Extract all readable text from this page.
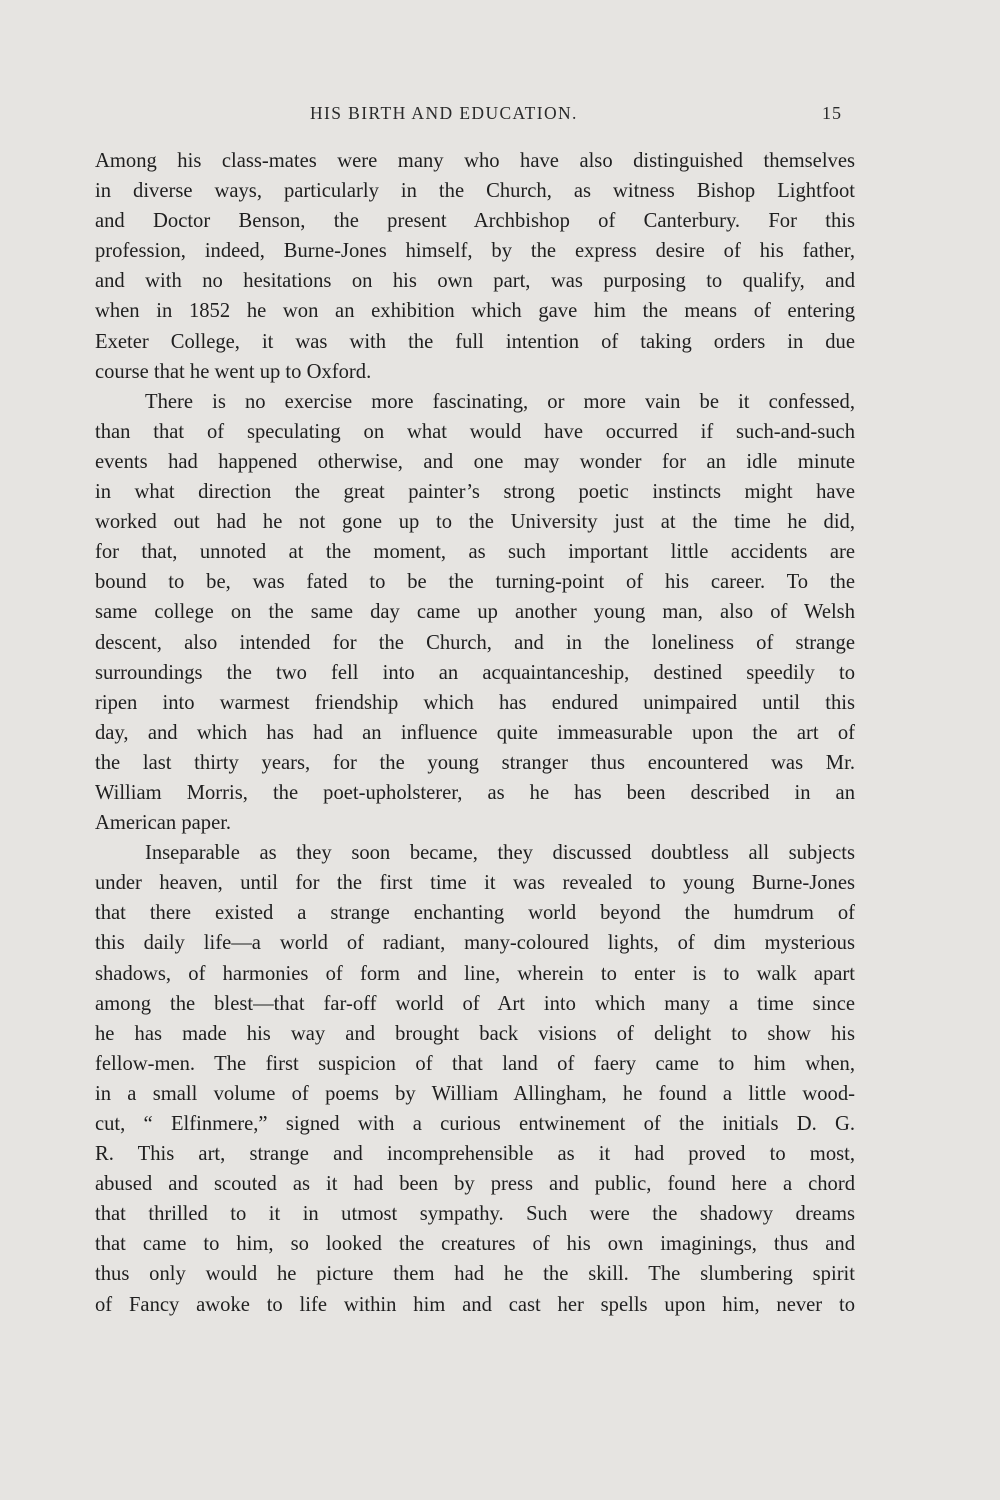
HIS BIRTH AND EDUCATION.	15
Among his class-mates were many who have also distinguished themselves
in diverse ways, particularly in the Church, as witness Bishop Lightfoot
and Doctor Benson, the present Archbishop of Canterbury. For this
profession, indeed, Burne-Jones himself, by the express desire of his father,
and with no hesitations on his own part, was purposing to qualify, and
when in 1852 he won an exhibition which gave him the means of entering
Exeter College, it was with the full intention of taking orders in due
course that he went up to Oxford.
There is no exercise more fascinating, or more vain be it confessed,
than that of speculating on what would have occurred if such-and-such
events had happened otherwise, and one may wonder for an idle minute
in what direction the great painter’s strong poetic instincts might have
worked out had he not gone up to the University just at the time he did,
for that, unnoted at the moment, as such important little accidents are
bound to be, was fated to be the turning-point of his career. To the
same college on the same day came up another young man, also of Welsh
descent, also intended for the Church, and in the loneliness of strange
surroundings the two fell into an acquaintanceship, destined speedily to
ripen into warmest friendship which has endured unimpaired until this
day, and which has had an influence quite immeasurable upon the art of
the last thirty years, for the young stranger thus encountered was Mr.
William Morris, the poet-upholsterer, as he has been described in an
American paper.
Inseparable as they soon became, they discussed doubtless all subjects
under heaven, until for the first time it was revealed to young Burne-Jones
that there existed a strange enchanting world beyond the humdrum of
this daily life—a world of radiant, many-coloured lights, of dim mysterious
shadows, of harmonies of form and line, wherein to enter is to walk apart
among the blest—that far-off world of Art into which many a time since
he has made his way and brought back visions of delight to show his
fellow-men. The first suspicion of that land of faery came to him when,
in a small volume of poems by William Allingham, he found a little wood-
cut, “ Elfinmere,” signed with a curious entwinement of the initials D. G.
R. This art, strange and incomprehensible as it had proved to most,
abused and scouted as it had been by press and public, found here a chord
that thrilled to it in utmost sympathy. Such were the shadowy dreams
that came to him, so looked the creatures of his own imaginings, thus and
thus only would he picture them had he the skill. The slumbering spirit
of Fancy awoke to life within him and cast her spells upon him, never to
